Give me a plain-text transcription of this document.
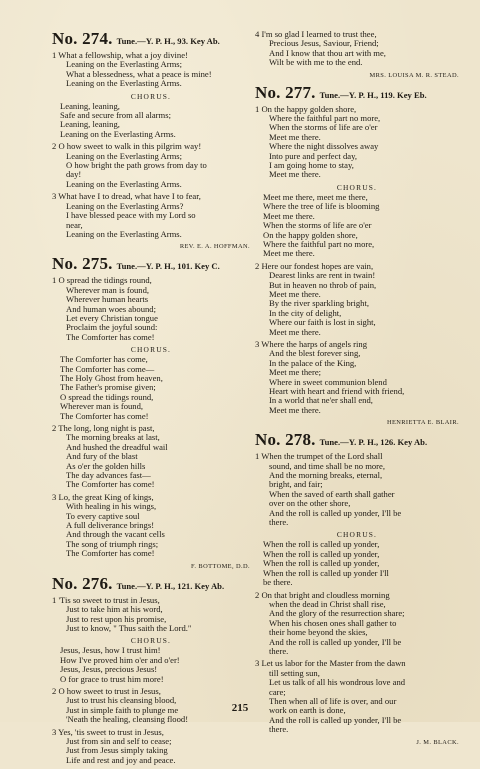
No. 274. Tune.—Y. P. H., 93. Key Ab.
1 What a fellowship, what a joy divine!
Leaning on the Everlasting Arms;
What a blessedness, what a peace is mine!
Leaning on the Everlasting Arms.
CHORUS.
Leaning, leaning,
Safe and secure from all alarms;
Leaning, leaning,
Leaning on the Everlasting Arms.
2 O how sweet to walk in this pilgrim way!
Leaning on the Everlasting Arms;
O how bright the path grows from day to
day!
Leaning on the Everlasting Arms.
3 What have I to dread, what have I to fear,
Leaning on the Everlasting Arms?
I have blessed peace with my Lord so
near,
Leaning on the Everlasting Arms.
REV. E. A. HOFFMAN.
No. 275. Tune.—Y. P. H., 101. Key C.
1 O spread the tidings round,
Wherever man is found,
Wherever human hearts
And human woes abound;
Let every Christian tongue
Proclaim the joyful sound:
The Comforter has come!
CHORUS.
The Comforter has come,
The Comforter has come—
The Holy Ghost from heaven,
The Father's promise given;
O spread the tidings round,
Wherever man is found,
The Comforter has come!
2 The long, long night is past,
The morning breaks at last,
And hushed the dreadful wail
And fury of the blast
As o'er the golden hills
The day advances fast—
The Comforter has come!
3 Lo, the great King of kings,
With healing in his wings,
To every captive soul
A full deliverance brings!
And through the vacant cells
The song of triumph rings;
The Comforter has come!
F. BOTTOME, D.D.
No. 276. Tune.—Y. P. H., 121. Key Ab.
1 'Tis so sweet to trust in Jesus,
Just to take him at his word,
Just to rest upon his promise,
Just to know, " Thus saith the Lord."
CHORUS.
Jesus, Jesus, how I trust him!
How I've proved him o'er and o'er!
Jesus, Jesus, precious Jesus!
O for grace to trust him more!
2 O how sweet to trust in Jesus,
Just to trust his cleansing blood,
Just in simple faith to plunge me
'Neath the healing, cleansing flood!
3 Yes, 'tis sweet to trust in Jesus,
Just from sin and self to cease;
Just from Jesus simply taking
Life and rest and joy and peace.
4 I'm so glad I learned to trust thee,
Precious Jesus, Saviour, Friend;
And I know that thou art with me,
Wilt be with me to the end.
MRS. LOUISA M. R. STEAD.
No. 277. Tune.—Y. P. H., 119. Key Eb.
1 On the happy golden shore,
Where the faithful part no more,
When the storms of life are o'er
Meet me there.
Where the night dissolves away
Into pure and perfect day,
I am going home to stay,
Meet me there.
CHORUS.
Meet me there, meet me there,
Where the tree of life is blooming
Meet me there.
When the storms of life are o'er
On the happy golden shore,
Where the faithful part no more,
Meet me there.
2 Here our fondest hopes are vain,
Dearest links are rent in twain!
But in heaven no throb of pain,
Meet me there.
By the river sparkling bright,
In the city of delight,
Where our faith is lost in sight,
Meet me there.
3 Where the harps of angels ring
And the blest forever sing,
In the palace of the King,
Meet me there;
Where in sweet communion blend
Heart with heart and friend with friend,
In a world that ne'er shall end,
Meet me there.
HENRIETTA E. BLAIR.
No. 278. Tune.—Y. P. H., 126. Key Ab.
1 When the trumpet of the Lord shall
sound, and time shall be no more,
And the morning breaks, eternal,
bright, and fair;
When the saved of earth shall gather
over on the other shore,
And the roll is called up yonder, I'll be
there.
CHORUS.
When the roll is called up yonder,
When the roll is called up yonder,
When the roll is called up yonder,
When the roll is called up yonder I'll
be there.
2 On that bright and cloudless morning
when the dead in Christ shall rise,
And the glory of the resurrection share;
When his chosen ones shall gather to
their home beyond the skies,
And the roll is called up yonder, I'll be
there.
3 Let us labor for the Master from the dawn
till setting sun,
Let us talk of all his wondrous love and
care;
Then when all of life is over, and our
work on earth is done,
And the roll is called up yonder, I'll be
there.
J. M. BLACK.
215
